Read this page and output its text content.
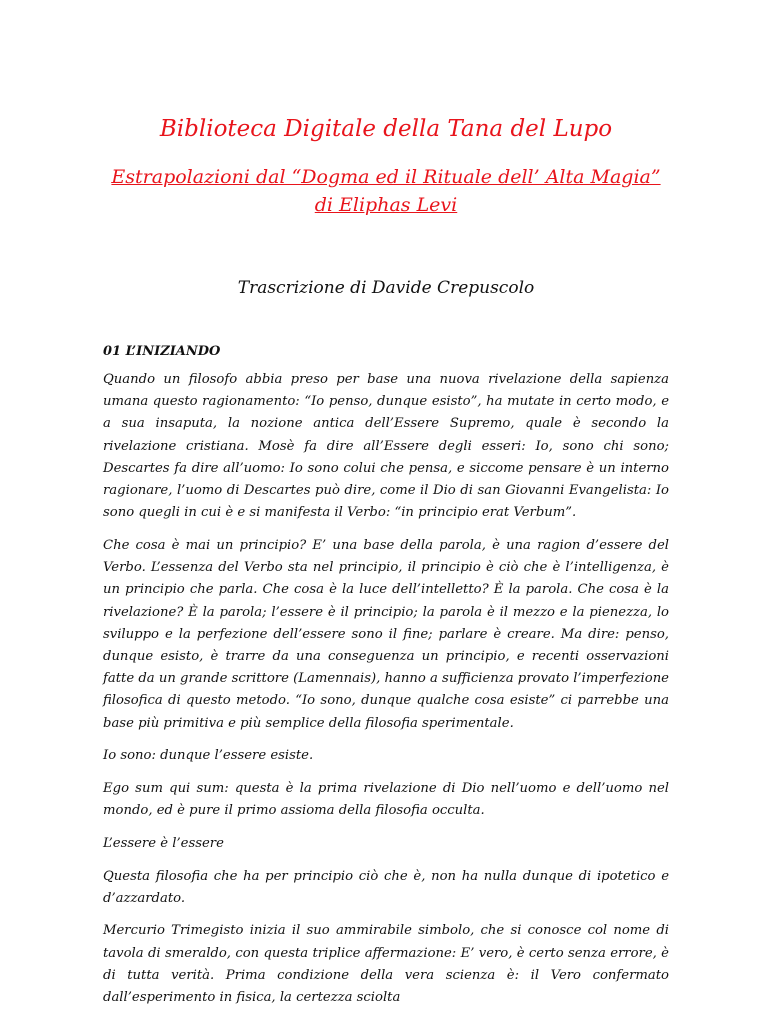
Biblioteca Digitale della Tana del Lupo
Estrapolazioni dal “Dogma ed il Rituale dell’ Alta Magia” di Eliphas Levi

Trascrizione di Davide Crepuscolo

01 L’INIZIANDO

Quando un filosofo abbia preso per base una nuova rivelazione della sapienza umana questo ragionamento: “Io penso, dunque esisto”, ha mutate in certo modo, e a sua insaputa, la nozione antica dell’Essere Supremo, quale è secondo la rivelazione cristiana. Mosè fa dire all’Essere degli esseri: Io, sono chi sono; Descartes fa dire all’uomo: Io sono colui che pensa, e siccome pensare è un interno ragionare, l’uomo di Descartes può dire, come il Dio di san Giovanni Evangelista: Io sono quegli in cui è e si manifesta il Verbo: “in principio erat Verbum”.

Che cosa è mai un principio? E’ una base della parola, è una ragion d’essere del Verbo. L’essenza del Verbo sta nel principio, il principio è ciò che è l’intelligenza, è un principio che parla. Che cosa è la luce dell’intelletto? È la parola. Che cosa è la rivelazione? È la parola; l’essere è il principio; la parola è il mezzo e la pienezza, lo sviluppo e la perfezione dell’essere sono il fine; parlare è creare. Ma dire: penso, dunque esisto, è trarre da una conseguenza un principio, e recenti osservazioni fatte da un grande scrittore (Lamennais), hanno a sufficienza provato l’imperfezione filosofica di questo metodo. “Io sono, dunque qualche cosa esiste” ci parrebbe una base più primitiva e più semplice della filosofia sperimentale.

Io sono: dunque l’essere esiste.

Ego sum qui sum: questa è la prima rivelazione di Dio nell’uomo e dell’uomo nel mondo, ed è pure il primo assioma della filosofia occulta.

L’essere è l’essere

Questa filosofia che ha per principio ciò che è, non ha nulla dunque di ipotetico e d’azzardato.

Mercurio Trimegisto inizia il suo ammirabile simbolo, che si conosce col nome di tavola di smeraldo, con questa triplice affermazione: E’ vero, è certo senza errore, è di tutta verità. Prima condizione della vera scienza è: il Vero confermato dall’esperimento in fisica, la certezza sciolta
